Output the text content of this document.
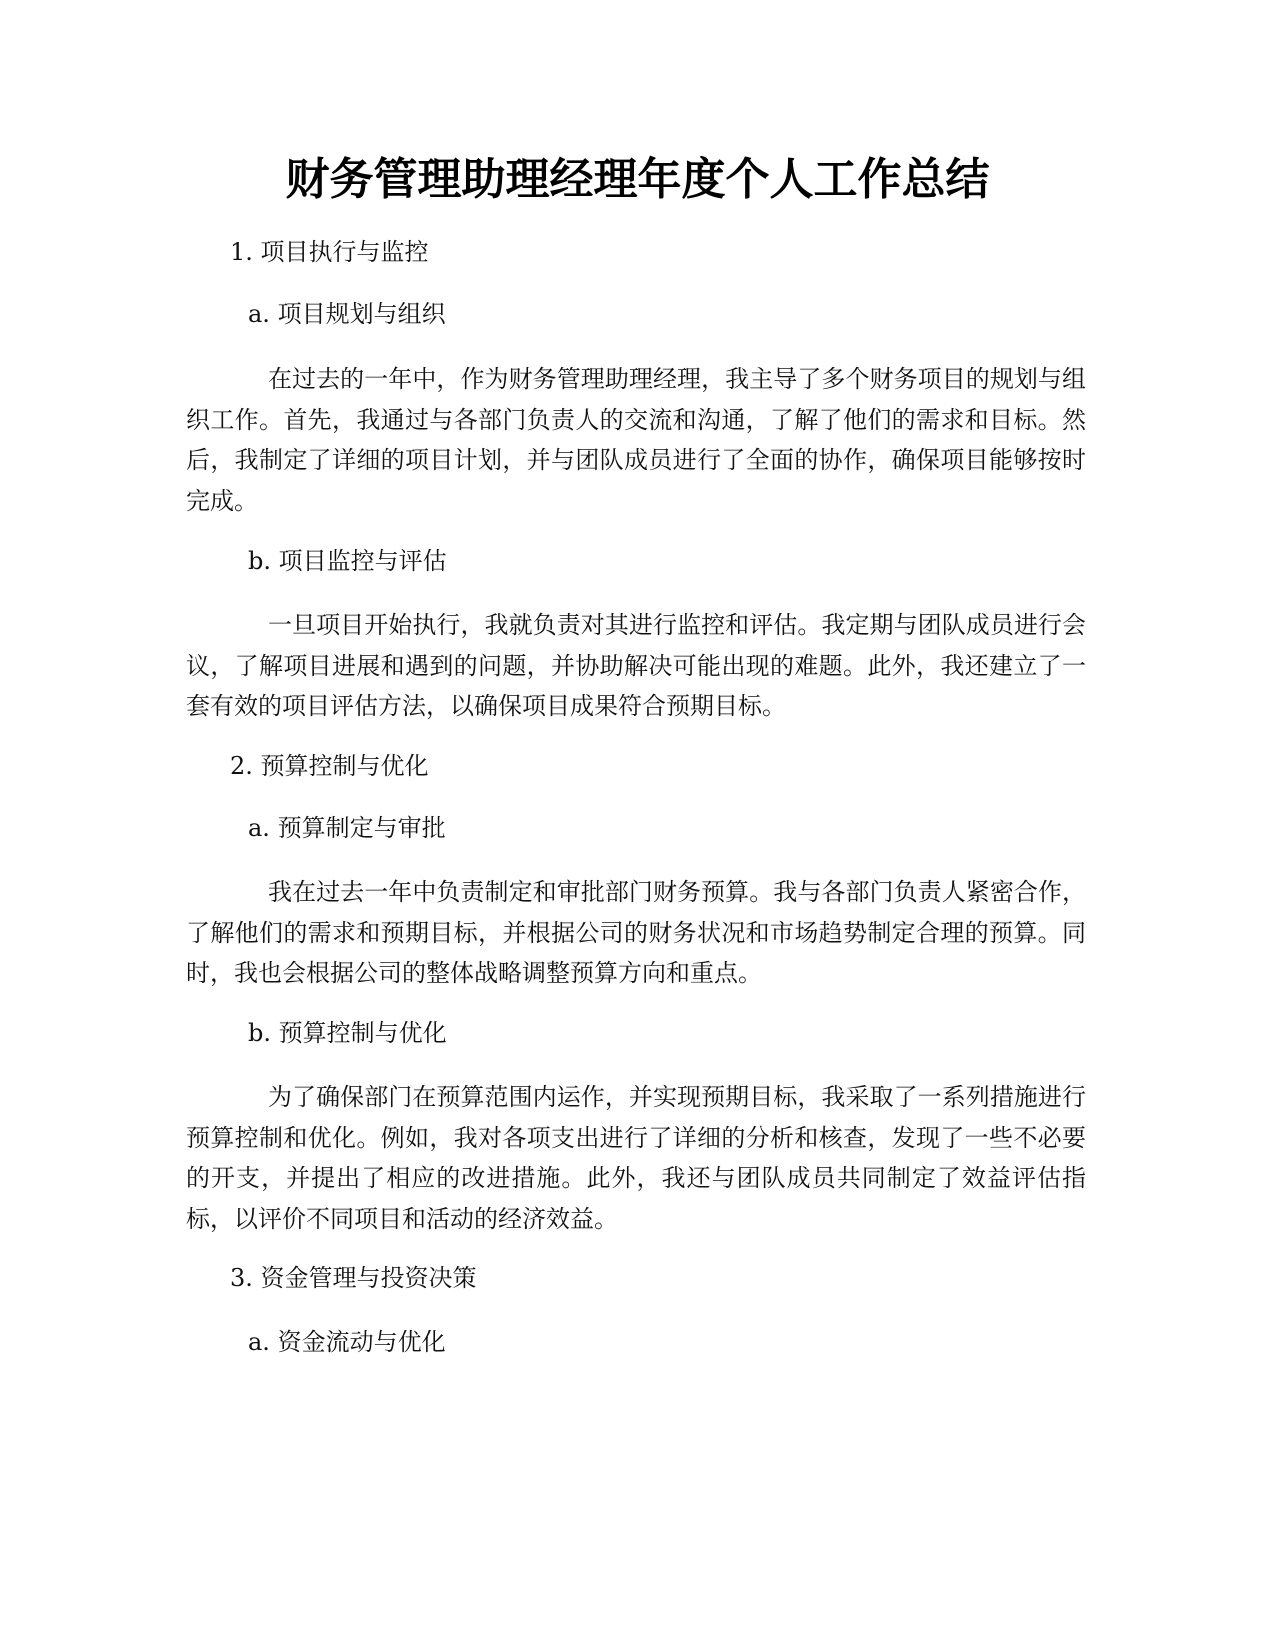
财务管理助理经理年度个人工作总结
1. 项目执行与监控
a. 项目规划与组织

在过去的一年中，作为财务管理助理经理，我主导了多个财务项目的规划与组织工作。首先，我通过与各部门负责人的交流和沟通，了解了他们的需求和目标。然后，我制定了详细的项目计划，并与团队成员进行了全面的协作，确保项目能够按时完成。

b. 项目监控与评估

一旦项目开始执行，我就负责对其进行监控和评估。我定期与团队成员进行会议，了解项目进展和遇到的问题，并协助解决可能出现的难题。此外，我还建立了一套有效的项目评估方法，以确保项目成果符合预期目标。

2. 预算控制与优化
a. 预算制定与审批

我在过去一年中负责制定和审批部门财务预算。我与各部门负责人紧密合作，了解他们的需求和预期目标，并根据公司的财务状况和市场趋势制定合理的预算。同时，我也会根据公司的整体战略调整预算方向和重点。

b. 预算控制与优化

为了确保部门在预算范围内运作，并实现预期目标，我采取了一系列措施进行预算控制和优化。例如，我对各项支出进行了详细的分析和核查，发现了一些不必要的开支，并提出了相应的改进措施。此外，我还与团队成员共同制定了效益评估指标，以评价不同项目和活动的经济效益。

3. 资金管理与投资决策
a. 资金流动与优化
